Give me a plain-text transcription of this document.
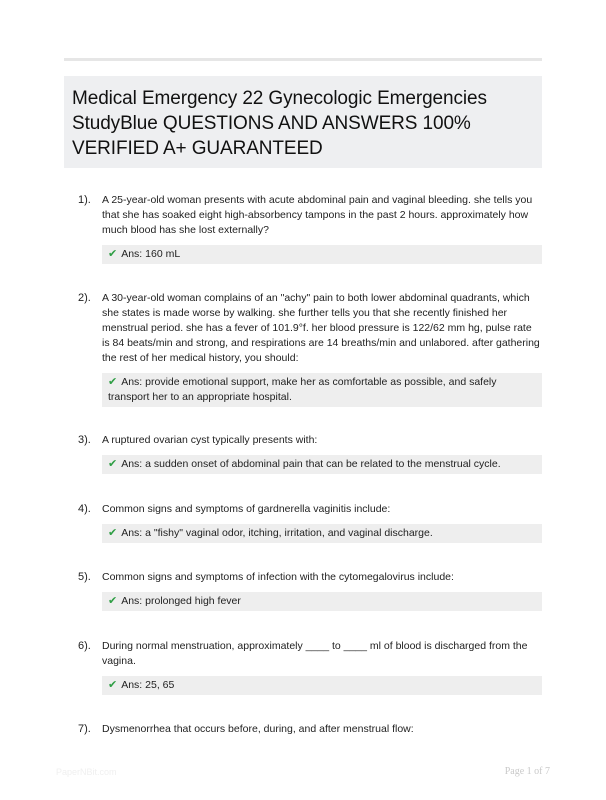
Medical Emergency 22 Gynecologic Emergencies StudyBlue QUESTIONS AND ANSWERS 100% VERIFIED A+ GUARANTEED
1). A 25-year-old woman presents with acute abdominal pain and vaginal bleeding. she tells you that she has soaked eight high-absorbency tampons in the past 2 hours. approximately how much blood has she lost externally?
✔ Ans: 160 mL
2). A 30-year-old woman complains of an "achy" pain to both lower abdominal quadrants, which she states is made worse by walking. she further tells you that she recently finished her menstrual period. she has a fever of 101.9°f. her blood pressure is 122/62 mm hg, pulse rate is 84 beats/min and strong, and respirations are 14 breaths/min and unlabored. after gathering the rest of her medical history, you should:
✔ Ans: provide emotional support, make her as comfortable as possible, and safely transport her to an appropriate hospital.
3). A ruptured ovarian cyst typically presents with:
✔ Ans: a sudden onset of abdominal pain that can be related to the menstrual cycle.
4). Common signs and symptoms of gardnerella vaginitis include:
✔ Ans: a "fishy" vaginal odor, itching, irritation, and vaginal discharge.
5). Common signs and symptoms of infection with the cytomegalovirus include:
✔ Ans: prolonged high fever
6). During normal menstruation, approximately ____ to ____ ml of blood is discharged from the vagina.
✔ Ans: 25, 65
7). Dysmenorrhea that occurs before, during, and after menstrual flow:
PaperNBit.com	Page 1 of 7
